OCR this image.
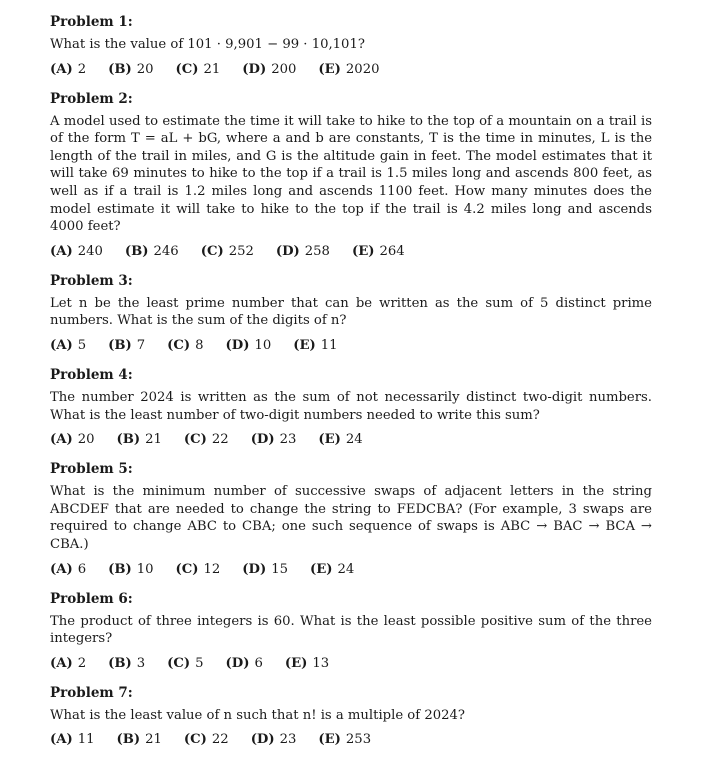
Problem 1:
What is the value of 101 · 9,901 − 99 · 10,101?
(A) 2 (B) 20 (C) 21 (D) 200 (E) 2020
Problem 2:
A model used to estimate the time it will take to hike to the top of a mountain on a trail is of the form T = aL + bG, where a and b are constants, T is the time in minutes, L is the length of the trail in miles, and G is the altitude gain in feet. The model estimates that it will take 69 minutes to hike to the top if a trail is 1.5 miles long and ascends 800 feet, as well as if a trail is 1.2 miles long and ascends 1100 feet. How many minutes does the model estimate it will take to hike to the top if the trail is 4.2 miles long and ascends 4000 feet?
(A) 240 (B) 246 (C) 252 (D) 258 (E) 264
Problem 3:
Let n be the least prime number that can be written as the sum of 5 distinct prime numbers. What is the sum of the digits of n?
(A) 5 (B) 7 (C) 8 (D) 10 (E) 11
Problem 4:
The number 2024 is written as the sum of not necessarily distinct two-digit numbers. What is the least number of two-digit numbers needed to write this sum?
(A) 20 (B) 21 (C) 22 (D) 23 (E) 24
Problem 5:
What is the minimum number of successive swaps of adjacent letters in the string ABCDEF that are needed to change the string to FEDCBA? (For example, 3 swaps are required to change ABC to CBA; one such sequence of swaps is ABC → BAC → BCA → CBA.)
(A) 6 (B) 10 (C) 12 (D) 15 (E) 24
Problem 6:
The product of three integers is 60. What is the least possible positive sum of the three integers?
(A) 2 (B) 3 (C) 5 (D) 6 (E) 13
Problem 7:
What is the least value of n such that n! is a multiple of 2024?
(A) 11 (B) 21 (C) 22 (D) 23 (E) 253
